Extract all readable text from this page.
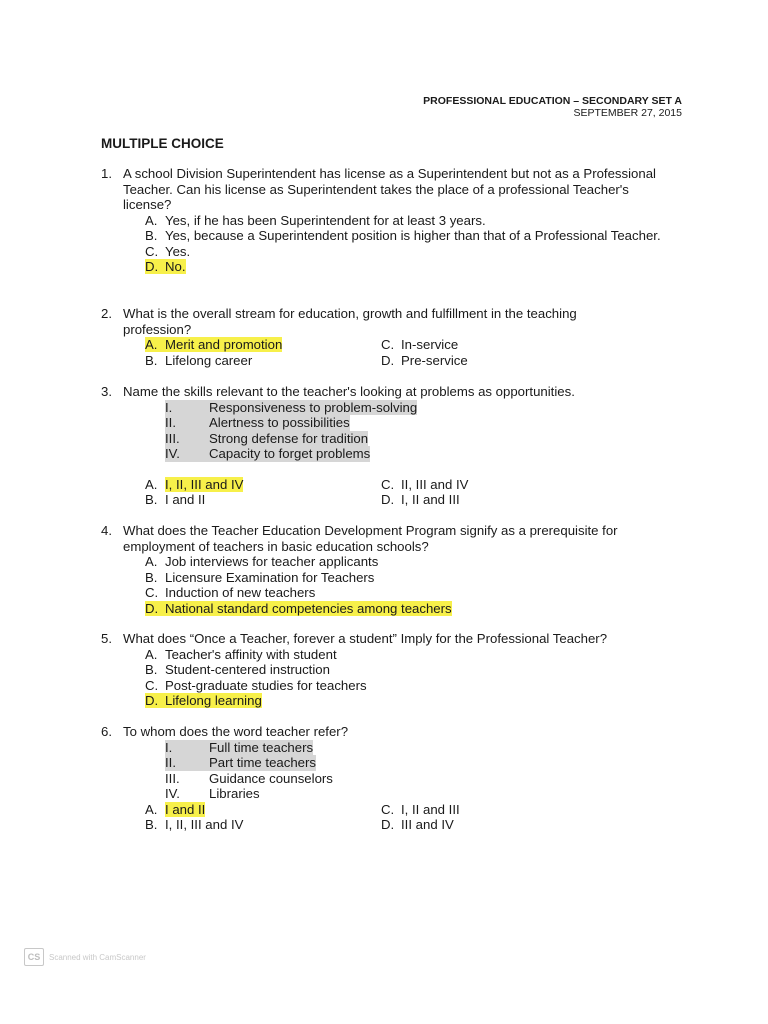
PROFESSIONAL EDUCATION – SECONDARY SET A
SEPTEMBER 27, 2015
MULTIPLE CHOICE
1. A school Division Superintendent has license as a Superintendent but not as a Professional Teacher. Can his license as Superintendent takes the place of a professional Teacher's license?
A. Yes, if he has been Superintendent for at least 3 years.
B. Yes, because a Superintendent position is higher than that of a Professional Teacher.
C. Yes.
D. No.
2. What is the overall stream for education, growth and fulfillment in the teaching profession?
A. Merit and promotion	C. In-service
B. Lifelong career	D. Pre-service
3. Name the skills relevant to the teacher's looking at problems as opportunities.
I.	Responsiveness to problem-solving
II.	Alertness to possibilities
III.	Strong defense for tradition
IV.	Capacity to forget problems
A. I, II, III and IV	C. II, III and IV
B. I and II	D. I, II and III
4. What does the Teacher Education Development Program signify as a prerequisite for employment of teachers in basic education schools?
A. Job interviews for teacher applicants
B. Licensure Examination for Teachers
C. Induction of new teachers
D. National standard competencies among teachers
5. What does “Once a Teacher, forever a student” Imply for the Professional Teacher?
A. Teacher's affinity with student
B. Student-centered instruction
C. Post-graduate studies for teachers
D. Lifelong learning
6. To whom does the word teacher refer?
I.	Full time teachers
II.	Part time teachers
III.	Guidance counselors
IV.	Libraries
A. I and II	C. I, II and III
B. I, II, III and IV	D. III and IV
CS	Scanned with CamScanner
